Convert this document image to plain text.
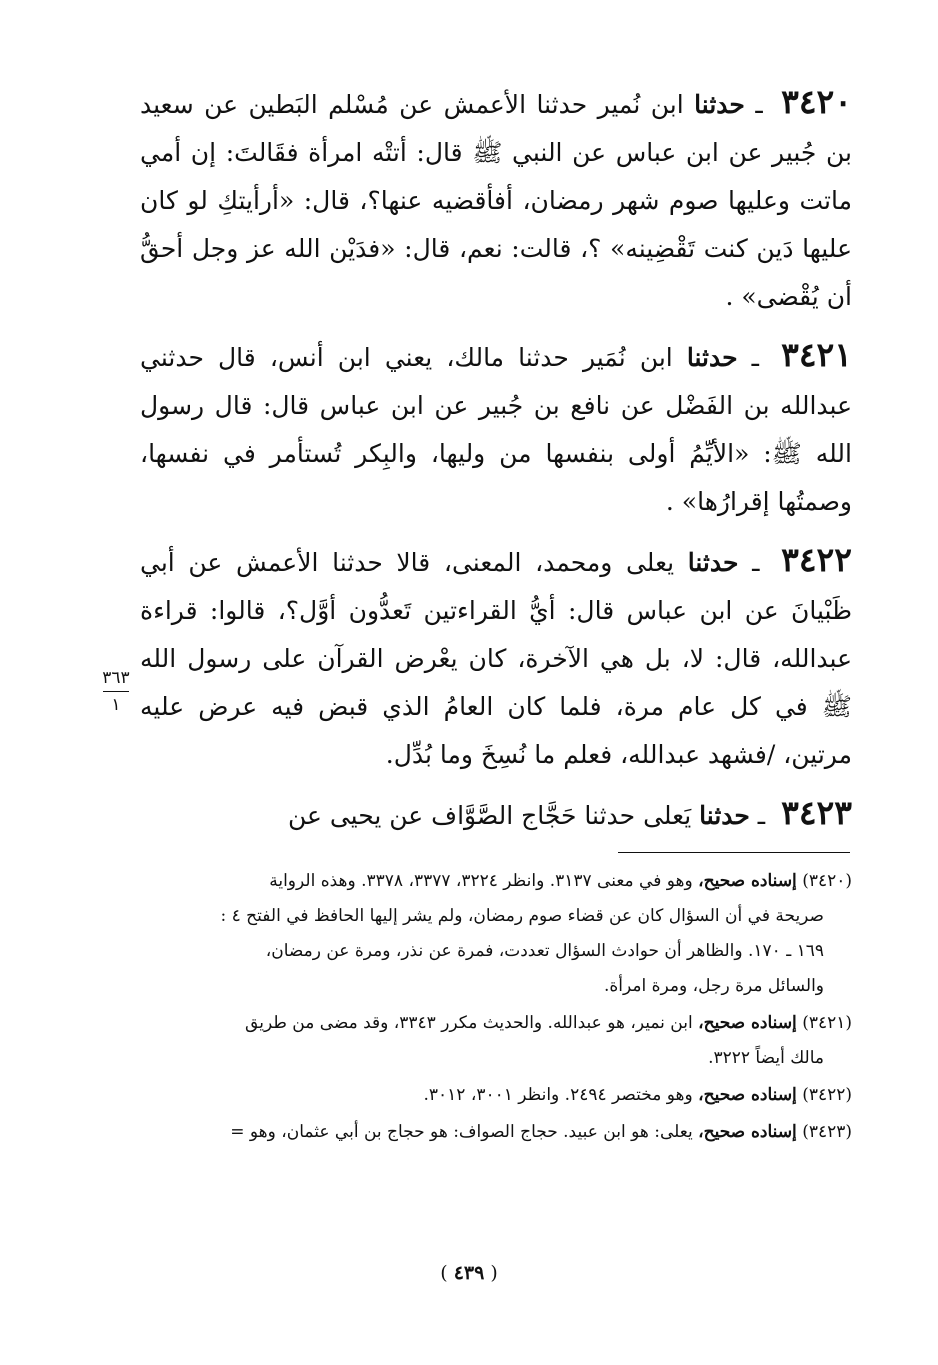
٣٤٢٠ ـ حدثنا ابن نُمير حدثنا الأعمش عن مُسْلم البَطين عن سعيد بن جُبير عن ابن عباس عن النبي ﷺ قال: أتتْه امرأة فقَالتَ: إن أمي ماتت وعليها صوم شهر رمضان، أفأقضيه عنها؟، قال: «أرأيتكِ لو كان عليها دَين كنت تَقْضِينه» ؟، قالت: نعم، قال: «فدَيْن الله عز وجل أحقُّ أن يُقْضى» .

٣٤٢١ ـ حدثنا ابن نُمَير حدثنا مالك، يعني ابن أنس، قال حدثني عبدالله بن الفَضْل عن نافع بن جُبير عن ابن عباس قال: قال رسول الله ﷺ: «الأيِّمُ أولى بنفسها من وليها، والبِكر تُستأمر في نفسها، وصمتُها إقرارُها» .

٣٤٢٢ ـ حدثنا يعلى ومحمد، المعنى، قالا حدثنا الأعمش عن أبي ظَبْيانَ عن ابن عباس قال: أيُّ القراءتين تَعدُّون أوَّل؟، قالوا: قراءة عبدالله، قال: لا، بل هي الآخرة، كان يعْرض القرآن على رسول الله ﷺ في كل عام مرة، فلما كان العامُ الذي قبض فيه عرض عليه مرتين، /فشهد عبدالله، فعلم ما نُسِخَ وما بُدِّل.

٣٤٢٣ ـ حدثنا يَعلى حدثنا حَجَّاج الصَّوَّاف عن يحيى عن

٣٦٣
١
(٣٤٢٠) إسناده صحيح، وهو في معنى ٣١٣٧. وانظر ٣٢٢٤، ٣٣٧٧، ٣٣٧٨. وهذه الرواية
صريحة في أن السؤال كان عن قضاء صوم رمضان، ولم يشر إليها الحافظ في الفتح ٤ :
١٦٩ ـ ١٧٠. والظاهر أن حوادث السؤال تعددت، فمرة عن نذر، ومرة عن رمضان،
والسائل مرة رجل، ومرة امرأة.
(٣٤٢١) إسناده صحيح، ابن نمير، هو عبدالله. والحديث مكرر ٣٣٤٣، وقد مضى من طريق
مالك أيضاً ٣٢٢٢.
(٣٤٢٢) إسناده صحيح، وهو مختصر ٢٤٩٤. وانظر ٣٠٠١، ٣٠١٢.
(٣٤٢٣) إسناده صحيح، يعلى: هو ابن عبيد. حجاج الصواف: هو حجاج بن أبي عثمان، وهو =
( ٤٣٩ )
